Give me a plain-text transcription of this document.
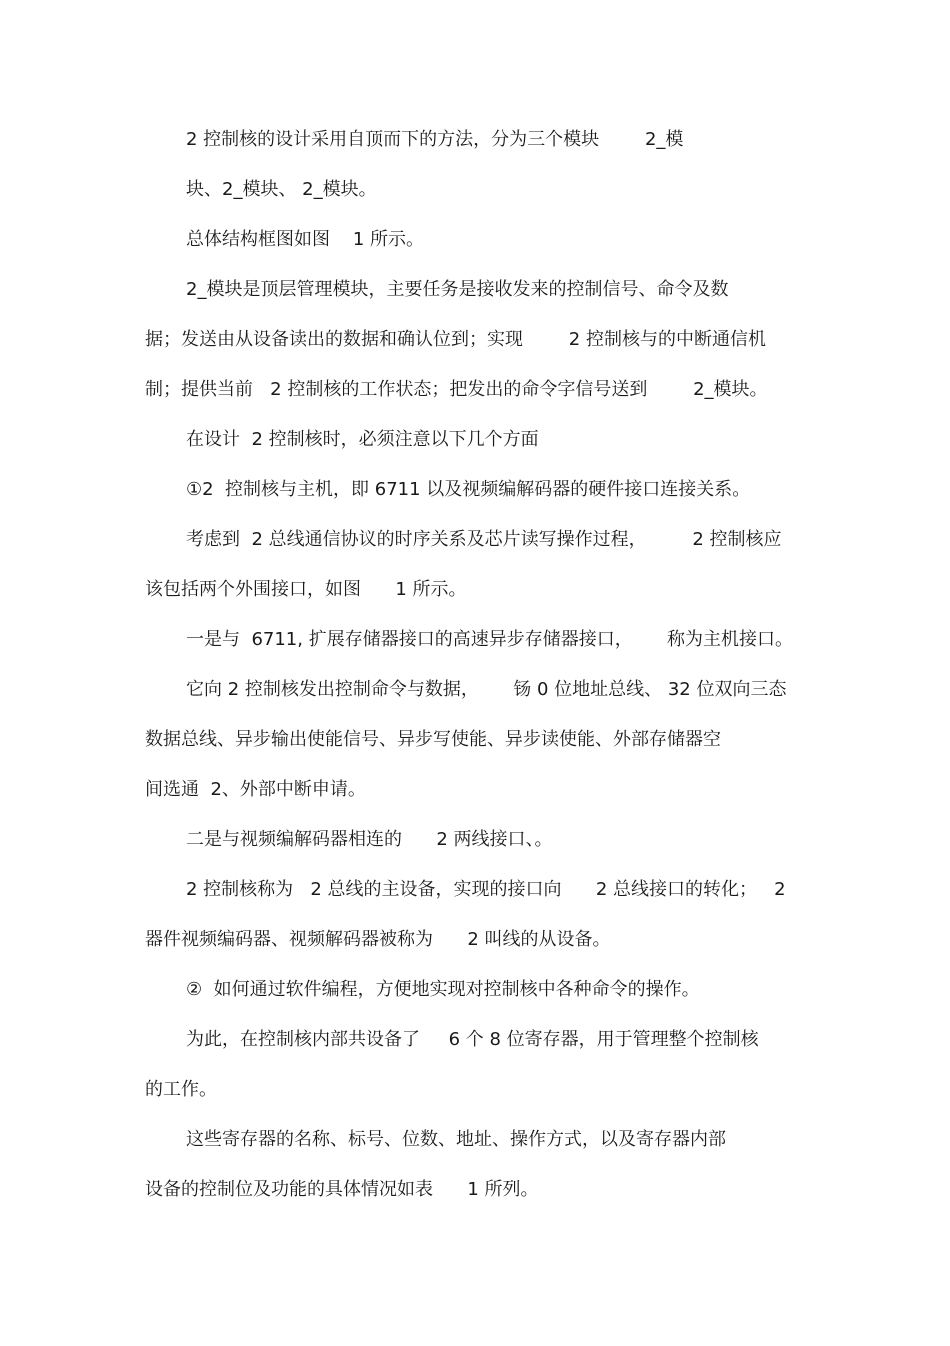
2 控制核的设计采用自顶而下的方法，分为三个模块        2_模
块、2_模块、 2_模块。
总体结构框图如图    1 所示。
2_模块是顶层管理模块，主要任务是接收发来的控制信号、命令及数
据；发送由从设备读出的数据和确认位到；实现        2 控制核与的中断通信机
制；提供当前   2 控制核的工作状态；把发出的命令字信号送到        2_模块。
在设计  2 控制核时，必须注意以下几个方面
①2  控制核与主机，即 6711 以及视频编解码器的硬件接口连接关系。
考虑到  2 总线通信协议的时序关系及芯片读写操作过程，        2 控制核应
该包括两个外围接口，如图      1 所示。
一是与  6711, 扩展存储器接口的高速异步存储器接口，      称为主机接口。
它向 2 控制核发出控制命令与数据，      钖 0 位地址总线、 32 位双向三态
数据总线、异步输出使能信号、异步写使能、异步读使能、外部存储器空
间选通  2、外部中断申请。
二是与视频编解码器相连的      2 两线接口、。
2 控制核称为   2 总线的主设备，实现的接口向      2 总线接口的转化；   2
器件视频编码器、视频解码器被称为      2 叫线的从设备。
②  如何通过软件编程，方便地实现对控制核中各种命令的操作。
为此，在控制核内部共设备了     6 个 8 位寄存器，用于管理整个控制核
的工作。
这些寄存器的名称、标号、位数、地址、操作方式，以及寄存器内部
设备的控制位及功能的具体情况如表      1 所列。
